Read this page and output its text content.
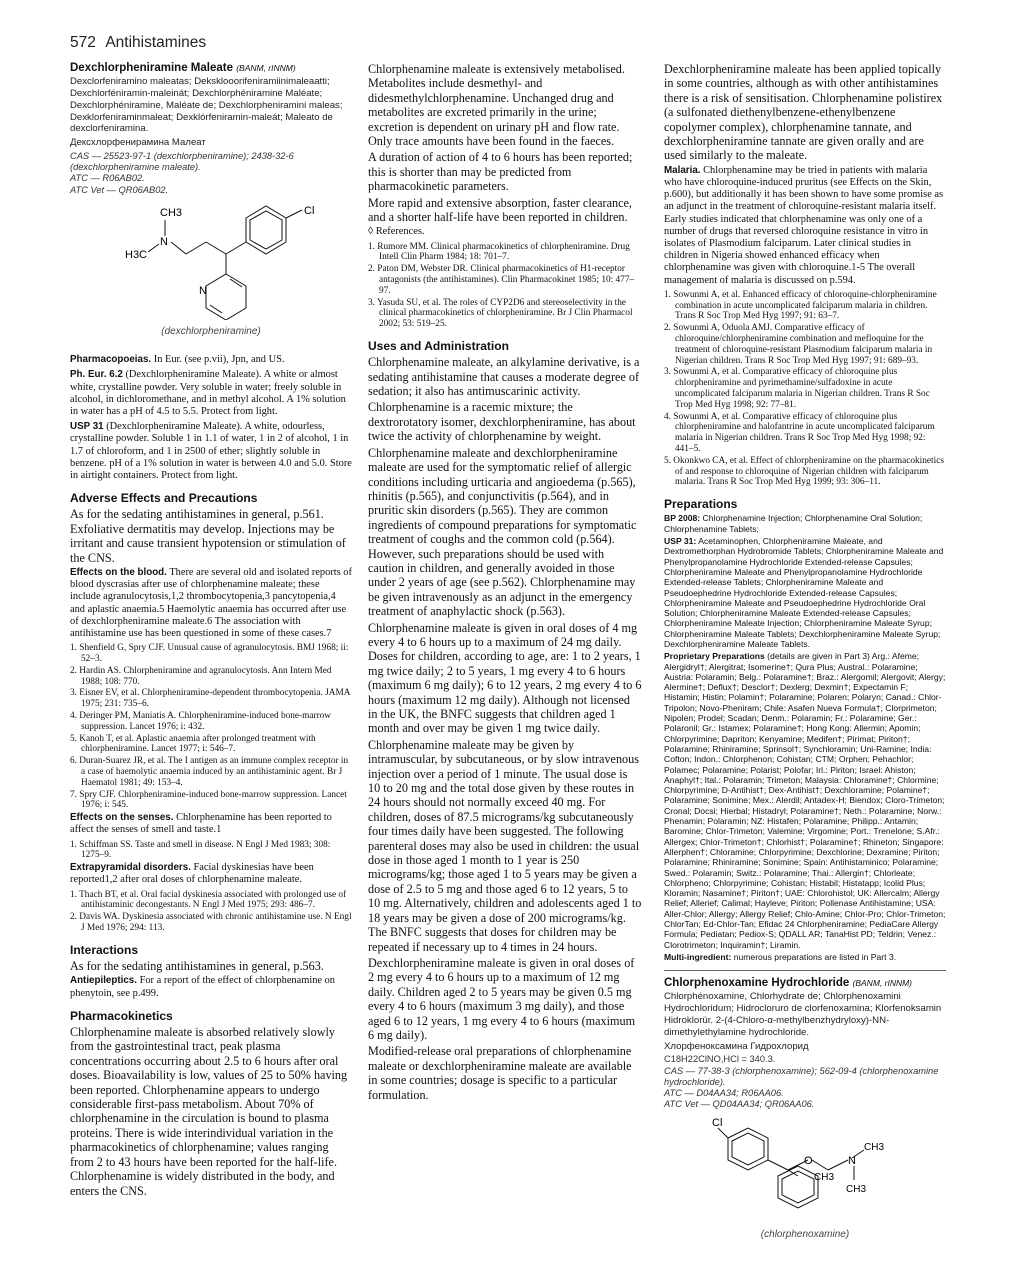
572 Antihistamines
Dexchlorpheniramine Maleate (BANM, rINNM)

Dexclorfeniramino maleatas; Deksklooorifeniramiinimaleaatti; Dexchlorféniramin-maleinát; Dexchlorphéniramine Maléate; Dexchlorphéniramine, Maléate de; Dexchlorpheniramini maleas; Dexklorfeniraminmaleat; Dexklórfeniramin-maleát; Maleato de dexclorfeniramina.

Дексхлорфенирамина Малеат

CAS — 25523-97-1 (dexchlorpheniramine); 2438-32-6 (dexchlorpheniramine maleate).
ATC — R06AB02.
ATC Vet — QR06AB02.
CH3
N
H3C
Cl
N
(dexchlorpheniramine)

Pharmacopoeias. In Eur. (see p.vii), Jpn, and US.

Ph. Eur. 6.2 (Dexchlorpheniramine Maleate). A white or almost white, crystalline powder. Very soluble in water; freely soluble in alcohol, in dichloromethane, and in methyl alcohol. A 1% solution in water has a pH of 4.5 to 5.5. Protect from light.

USP 31 (Dexchlorpheniramine Maleate). A white, odourless, crystalline powder. Soluble 1 in 1.1 of water, 1 in 2 of alcohol, 1 in 1.7 of chloroform, and 1 in 2500 of ether; slightly soluble in benzene. pH of a 1% solution in water is between 4.0 and 5.0. Store in airtight containers. Protect from light.

Adverse Effects and Precautions

As for the sedating antihistamines in general, p.561. Exfoliative dermatitis may develop. Injections may be irritant and cause transient hypotension or stimulation of the CNS.

Effects on the blood. There are several old and isolated reports of blood dyscrasias after use of chlorphenamine maleate; these include agranulocytosis,1,2 thrombocytopenia,3 pancytopenia,4 and aplastic anaemia.5 Haemolytic anaemia has occurred after use of dexchlorpheniramine maleate.6 The association with antihistamine use has been questioned in some of these cases.7

1. Shenfield G, Spry CJF. Unusual cause of agranulocytosis. BMJ 1968; ii: 52–3.

2. Hardin AS. Chlorpheniramine and agranulocytosis. Ann Intern Med 1988; 108: 770.

3. Eisner EV, et al. Chlorpheniramine-dependent thrombocytopenia. JAMA 1975; 231: 735–6.

4. Deringer PM, Maniatis A. Chlorpheniramine-induced bone-marrow suppression. Lancet 1976; i: 432.

5. Kanoh T, et al. Aplastic anaemia after prolonged treatment with chlorpheniramine. Lancet 1977; i: 546–7.

6. Duran-Suarez JR, et al. The I antigen as an immune complex receptor in a case of haemolytic anaemia induced by an antihistaminic agent. Br J Haematol 1981; 49: 153–4.

7. Spry CJF. Chlorpheniramine-induced bone-marrow suppression. Lancet 1976; i: 545.

Effects on the senses. Chlorphenamine has been reported to affect the senses of smell and taste.1

1. Schiffman SS. Taste and smell in disease. N Engl J Med 1983; 308: 1275–9.

Extrapyramidal disorders. Facial dyskinesias have been reported1,2 after oral doses of chlorphenamine maleate.

1. Thach BT, et al. Oral facial dyskinesia associated with prolonged use of antihistaminic decongestants. N Engl J Med 1975; 293: 486–7.

2. Davis WA. Dyskinesia associated with chronic antihistamine use. N Engl J Med 1976; 294: 113.

Interactions

As for the sedating antihistamines in general, p.563.

Antiepileptics. For a report of the effect of chlorphenamine on phenytoin, see p.499.

Pharmacokinetics

Chlorphenamine maleate is absorbed relatively slowly from the gastrointestinal tract, peak plasma concentrations occurring about 2.5 to 6 hours after oral doses. Bioavailability is low, values of 25 to 50% having been reported. Chlorphenamine appears to undergo considerable first-pass metabolism. About 70% of chlorphenamine in the circulation is bound to plasma proteins. There is wide interindividual variation in the pharmacokinetics of chlorphenamine; values ranging from 2 to 43 hours have been reported for the half-life. Chlorphenamine is widely distributed in the body, and enters the CNS.

Chlorphenamine maleate is extensively metabolised. Metabolites include desmethyl- and didesmethylchlorphenamine. Unchanged drug and metabolites are excreted primarily in the urine; excretion is dependent on urinary pH and flow rate. Only trace amounts have been found in the faeces.

A duration of action of 4 to 6 hours has been reported; this is shorter than may be predicted from pharmacokinetic parameters.

More rapid and extensive absorption, faster clearance, and a shorter half-life have been reported in children.

◊ References.

1. Rumore MM. Clinical pharmacokinetics of chlorpheniramine. Drug Intell Clin Pharm 1984; 18: 701–7.

2. Paton DM, Webster DR. Clinical pharmacokinetics of H1-receptor antagonists (the antihistamines). Clin Pharmacokinet 1985; 10: 477–97.

3. Yasuda SU, et al. The roles of CYP2D6 and stereoselectivity in the clinical pharmacokinetics of chlorpheniramine. Br J Clin Pharmacol 2002; 53: 519–25.

Uses and Administration

Chlorphenamine maleate, an alkylamine derivative, is a sedating antihistamine that causes a moderate degree of sedation; it also has antimuscarinic activity.

Chlorphenamine is a racemic mixture; the dextrorotatory isomer, dexchlorpheniramine, has about twice the activity of chlorphenamine by weight.

Chlorphenamine maleate and dexchlorpheniramine maleate are used for the symptomatic relief of allergic conditions including urticaria and angioedema (p.565), rhinitis (p.565), and conjunctivitis (p.564), and in pruritic skin disorders (p.565). They are common ingredients of compound preparations for symptomatic treatment of coughs and the common cold (p.564). However, such preparations should be used with caution in children, and generally avoided in those under 2 years of age (see p.562). Chlorphenamine may be given intravenously as an adjunct in the emergency treatment of anaphylactic shock (p.563).

Chlorphenamine maleate is given in oral doses of 4 mg every 4 to 6 hours up to a maximum of 24 mg daily. Doses for children, according to age, are: 1 to 2 years, 1 mg twice daily; 2 to 5 years, 1 mg every 4 to 6 hours (maximum 6 mg daily); 6 to 12 years, 2 mg every 4 to 6 hours (maximum 12 mg daily). Although not licensed in the UK, the BNFC suggests that children aged 1 month and over may be given 1 mg twice daily.

Chlorphenamine maleate may be given by intramuscular, by subcutaneous, or by slow intravenous injection over a period of 1 minute. The usual dose is 10 to 20 mg and the total dose given by these routes in 24 hours should not normally exceed 40 mg. For children, doses of 87.5 micrograms/kg subcutaneously four times daily have been suggested. The following parenteral doses may also be used in children: the usual dose in those aged 1 month to 1 year is 250 micrograms/kg; those aged 1 to 5 years may be given a dose of 2.5 to 5 mg and those aged 6 to 12 years, 5 to 10 mg. Alternatively, children and adolescents aged 1 to 18 years may be given a dose of 200 micrograms/kg. The BNFC suggests that doses for children may be repeated if necessary up to 4 times in 24 hours.

Dexchlorpheniramine maleate is given in oral doses of 2 mg every 4 to 6 hours up to a maximum of 12 mg daily. Children aged 2 to 5 years may be given 0.5 mg every 4 to 6 hours (maximum 3 mg daily), and those aged 6 to 12 years, 1 mg every 4 to 6 hours (maximum 6 mg daily).

Modified-release oral preparations of chlorphenamine maleate or dexchlorpheniramine maleate are available in some countries; dosage is specific to a particular formulation.

Dexchlorpheniramine maleate has been applied topically in some countries, although as with other antihistamines there is a risk of sensitisation. Chlorphenamine polistirex (a sulfonated diethenylbenzene-ethenylbenzene copolymer complex), chlorphenamine tannate, and dexchlorpheniramine tannate are given orally and are used similarly to the maleate.

Malaria. Chlorphenamine may be tried in patients with malaria who have chloroquine-induced pruritus (see Effects on the Skin, p.600), but additionally it has been shown to have some promise as an adjunct in the treatment of chloroquine-resistant malaria itself. Early studies indicated that chlorphenamine was only one of a number of drugs that reversed chloroquine resistance in vitro in isolates of Plasmodium falciparum. Later clinical studies in children in Nigeria showed enhanced efficacy when chlorphenamine was given with chloroquine.1-5 The overall management of malaria is discussed on p.594.

1. Sowunmi A, et al. Enhanced efficacy of chloroquine-chlorpheniramine combination in acute uncomplicated falciparum malaria in children. Trans R Soc Trop Med Hyg 1997; 91: 63–7.

2. Sowunmi A, Oduola AMJ. Comparative efficacy of chloroquine/chlorpheniramine combination and mefloquine for the treatment of chloroquine-resistant Plasmodium falciparum malaria in Nigerian children. Trans R Soc Trop Med Hyg 1997; 91: 689–93.

3. Sowunmi A, et al. Comparative efficacy of chloroquine plus chlorpheniramine and pyrimethamine/sulfadoxine in acute uncomplicated falciparum malaria in Nigerian children. Trans R Soc Trop Med Hyg 1998; 92: 77–81.

4. Sowunmi A, et al. Comparative efficacy of chloroquine plus chlorpheniramine and halofantrine in acute uncomplicated falciparum malaria in Nigerian children. Trans R Soc Trop Med Hyg 1998; 92: 441–5.

5. Okonkwo CA, et al. Effect of chlorpheniramine on the pharmacokinetics of and response to chloroquine of Nigerian children with falciparum malaria. Trans R Soc Trop Med Hyg 1999; 93: 306–11.

Preparations

BP 2008: Chlorphenamine Injection; Chlorphenamine Oral Solution; Chlorphenamine Tablets;

USP 31: Acetaminophen, Chlorpheniramine Maleate, and Dextromethorphan Hydrobromide Tablets; Chlorpheniramine Maleate and Phenylpropanolamine Hydrochloride Extended-release Capsules; Chlorpheniramine Maleate and Phenylpropanolamine Hydrochloride Extended-release Tablets; Chlorpheniramine Maleate and Pseudoephedrine Hydrochloride Extended-release Capsules; Chlorpheniramine Maleate and Pseudoephedrine Hydrochloride Oral Solution; Chlorpheniramine Maleate Extended-release Capsules; Chlorpheniramine Maleate Injection; Chlorpheniramine Maleate Syrup; Chlorpheniramine Maleate Tablets; Dexchlorpheniramine Maleate Syrup; Dexchlorpheniramine Maleate Tablets.

Proprietary Preparations (details are given in Part 3) Arg.: Afeme; Alergidryl†; Alergitrat; Isomerine†; Qura Plus; Austral.: Polaramine; Austria: Polaramin; Belg.: Polaramine†; Braz.: Alergomil; Alergovit; Alergy; Alermine†; Deflux†; Desclor†; Dexlerg; Dexmin†; Expectamin F; Histamin; Histin; Polamin†; Polaramine; Polaren; Polaryn; Canad.: Chlor-Tripolon; Novo-Pheniram; Chile: Asafen Nueva Formula†; Clorprimeton; Nipolen; Prodel; Scadan; Denm.: Polaramin; Fr.: Polaramine; Ger.: Polaronil; Gr.: Istamex; Polaramine†; Hong Kong: Allermin; Apomin; Chlorpyrimine; Dapriton; Kenyamine; Medifen†; Pirimat; Piriton†; Polaramine; Rhiniramine; Sprinsol†; Synchloramin; Uni-Ramine; India: Cofton; Indon.: Chlorphenon; Cohistan; CTM; Orphen; Pehachlor; Polamec; Polaramine; Polarist; Polofar; Irl.: Piriton; Israel: Ahiston; Anaphyl†; Ital.: Polaramin; Trimeton; Malaysia: Chloramine†; Chlormine; Chlorpyrimine; D-Antihist†; Dex-Antihist†; Dexchloramine; Polamine†; Polaramine; Sonimine; Mex.: Alerdil; Antadex-H; Biendox; Cloro-Trimeton; Cronal; Docsi; Hierbal; Histadryl; Polaramine†; Neth.: Polaramine; Norw.: Phenamin; Polaramin; NZ: Histafen; Polaramine; Philipp.: Antamin; Baromine; Chlor-Trimeton; Valemine; Virgomine; Port.: Trenelone; S.Afr.: Allergex; Chlor-Trimeton†; Chlorhist†; Polaramine†; Rhineton; Singapore: Allerphen†; Chloramine; Chlorpyrimine; Dexchlorine; Dexramine; Piriton; Polaramine; Rhiniramine; Sonimine; Spain: Antihistaminico; Polaramine; Swed.: Polaramin; Switz.: Polaramine; Thai.: Allergin†; Chlorleate; Chlorpheno; Chlorpyrimine; Cohistan; Histabil; Histatapp; Icolid Plus; Kloramin; Nasamine†; Piriton†; UAE: Chlorohistol; UK: Allercalm; Allergy Relief; Allerief; Calimal; Hayleve; Piriton; Pollenase Antihistamine; USA: Aller-Chlor; Allergy; Allergy Relief; Chlo-Amine; Chlor-Pro; Chlor-Trimeton; ChlorTan; Ed-Chlor-Tan; Efidac 24 Chlorpheniramine; PediaCare Allergy Formula; Pediatan; Pediox-S; QDALL AR; TanaHist PD; Teldrin; Venez.: Clorotrimeton; Inquiramin†; Liramin.

Multi-ingredient: numerous preparations are listed in Part 3.

Chlorphenoxamine Hydrochloride (BANM, rINNM)

Chlorphénoxamine, Chlorhydrate de; Chlorphenoxamini Hydrochloridum; Hidrocloruro de clorfenoxamina; Klorfenoksamin Hidroklorür. 2-(4-Chloro-α-methylbenzhydryloxy)-NN-dimethylethylamine hydrochloride.

Хлорфеноксамина Гидрохлорид

C18H22ClNO,HCl = 340.3.
CAS — 77-38-3 (chlorphenoxamine); 562-09-4 (chlorphenoxamine hydrochloride).
ATC — D04AA34; R06AA06.
ATC Vet — QD04AA34; QR06AA06.
Cl
O	N
CH3
CH3
CH3
(chlorphenoxamine)
